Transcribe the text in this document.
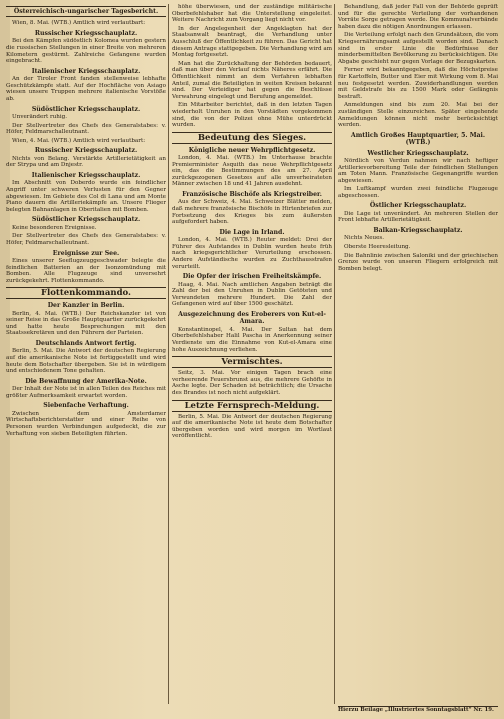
Österreichisch-ungarischer Tagesbericht.

Wien, 8. Mai. (WTB.) Amtlich wird verlautbart:

Russischer Kriegsschauplatz.

Bei den Kämpfen südöstlich Kolomea wurden gestern die russischen Stellungen in einer Breite von mehreren Kilometern gestürmt. Zahlreiche Gefangene wurden eingebracht.

Italienischer Kriegsschauplatz.

An der Tiroler Front fanden stellenweise lebhafte Geschützkämpfe statt. Auf der Hochfläche von Asiago wiesen unsere Truppen mehrere italienische Vorstöße ab.

Südöstlicher Kriegsschauplatz.

Unverändert ruhig.

Der Stellvertreter des Chefs des Generalstabes: v. Höfer, Feldmarschalleutnant.

Wien, 4. Mai. (WTB.) Amtlich wird verlautbart:

Russischer Kriegsschauplatz.

Nichts von Belang. Verstärkte Artillerietätigkeit an der Strypa und am Dnjestr.

Italienischer Kriegsschauplatz.

Im Abschnitt von Doberdo wurde ein feindlicher Angriff unter schweren Verlusten für den Gegner abgewiesen. Im Gebiete des Col di Lana und am Monte Piano dauern die Artilleriekämpfe an. Unsere Flieger belegten Bahnanlagen in Oberitalien mit Bomben.

Südöstlicher Kriegsschauplatz.

Keine besonderen Ereignisse.

Der Stellvertreter des Chefs des Generalstabes: v. Höfer, Feldmarschalleutnant.

Ereignisse zur See.

Eines unserer Seeflugzeuggeschwader belegte die feindlichen Batterien an der Isonzomündung mit Bomben. Alle Flugzeuge sind unversehrt zurückgekehrt. Flottenkommando.

Flottenkommando.
Der Kanzler in Berlin.

Berlin, 4. Mai. (WTB.) Der Reichskanzler ist von seiner Reise in das Große Hauptquartier zurückgekehrt und hatte heute Besprechungen mit den Staatssekretären und den Führern der Parteien.

Deutschlands Antwort fertig.

Berlin, 5. Mai. Die Antwort der deutschen Regierung auf die amerikanische Note ist fertiggestellt und wird heute dem Botschafter übergeben. Sie ist in würdigem und entschiedenem Tone gehalten.

Die Bewaffnung der Amerika-Note.

Der Inhalt der Note ist in allen Teilen des Reiches mit größter Aufmerksamkeit erwartet worden.

Siebenfache Verhaftung.

Zwischen dem Amsterdamer Wirtschaftsberichterstatter und einer Reihe von Personen wurden Verbindungen aufgedeckt, die zur Verhaftung von sieben Beteiligten führten.

höhe überwiesen, und der zuständige militärische Oberbefehlshaber hat die Unterstellung eingeleitet. Weitere Nachricht zum Vorgang liegt nicht vor.

In der Angelegenheit der Angeklagten hat der Staatsanwalt beantragt, die Verhandlung unter Ausschluß der Öffentlichkeit zu führen. Das Gericht hat diesem Antrage stattgegeben. Die Verhandlung wird am Montag fortgesetzt.

Man hat die Zurückhaltung der Behörden bedauert, daß man über den Verlauf nichts Näheres erfährt. Die Öffentlichkeit nimmt an dem Verfahren lebhaften Anteil, zumal die Beteiligten in weiten Kreisen bekannt sind. Der Verteidiger hat gegen die Beschlüsse Verwahrung eingelegt und Berufung angemeldet.

Ein Mitarbeiter berichtet, daß in den letzten Tagen wiederholt Unruhen in den Vorstädten vorgekommen sind, die von der Polizei ohne Mühe unterdrückt wurden.

Bedeutung des Sieges.
Königliche neuer Wehrpflichtgesetz.

London, 4. Mai. (WTB.) Im Unterhause brachte Premierminister Asquith das neue Wehrpflichtgesetz ein, das die Bestimmungen des am 27. April zurückgezogenen Gesetzes auf alle unverheirateten Männer zwischen 18 und 41 Jahren ausdehnt.

Französische Bischöfe als Kriegstreiber.

Aus der Schweiz, 4. Mai. Schweizer Blätter melden, daß mehrere französische Bischöfe in Hirtenbriefen zur Fortsetzung des Krieges bis zum äußersten aufgefordert haben.

Die Lage in Irland.

London, 4. Mai. (WTB.) Reuter meldet: Drei der Führer des Aufstandes in Dublin wurden heute früh nach kriegsgerichtlicher Verurteilung erschossen. Andere Aufständische wurden zu Zuchthausstrafen verurteilt.

Die Opfer der irischen Freiheitskämpfe.

Haag, 4. Mai. Nach amtlichen Angaben beträgt die Zahl der bei den Unruhen in Dublin Getöteten und Verwundeten mehrere Hundert. Die Zahl der Gefangenen wird auf über 1500 geschätzt.

Ausgezeichnung des Eroberers von Kut-el-Amara.

Konstantinopel, 4. Mai. Der Sultan hat dem Oberbefehlshaber Halil Pascha in Anerkennung seiner Verdienste um die Einnahme von Kut-el-Amara eine hohe Auszeichnung verliehen.

Vermischtes.

Seitz, 3. Mai. Vor einigen Tagen brach eine verheerende Feuersbrunst aus, die mehrere Gehöfte in Asche legte. Der Schaden ist beträchtlich; die Ursache des Brandes ist noch nicht aufgeklärt.

Letzte Fernsprech-Meldung.

Berlin, 5. Mai. Die Antwort der deutschen Regierung auf die amerikanische Note ist heute dem Botschafter übergeben worden und wird morgen im Wortlaut veröffentlicht.

Behandlung, daß jeder Fall von der Behörde geprüft und für die gerechte Verteilung der vorhandenen Vorräte Sorge getragen werde. Die Kommunalverbände haben dazu die nötigen Anordnungen erlassen.

Die Verteilung erfolgt nach den Grundsätzen, die vom Kriegsernährungsamt aufgestellt worden sind. Danach sind in erster Linie die Bedürfnisse der minderbemittelten Bevölkerung zu berücksichtigen. Die Abgabe geschieht nur gegen Vorlage der Bezugskarten.

Ferner wird bekanntgegeben, daß die Höchstpreise für Kartoffeln, Butter und Eier mit Wirkung vom 8. Mai neu festgesetzt werden. Zuwiderhandlungen werden mit Geldstrafe bis zu 1500 Mark oder Gefängnis bestraft.

Anmeldungen sind bis zum 20. Mai bei der zuständigen Stelle einzureichen. Später eingehende Anmeldungen können nicht mehr berücksichtigt werden.

Amtlich Großes Hauptquartier, 5. Mai. (WTB.)
Westlicher Kriegsschauplatz.

Nördlich von Verdun nahmen wir nach heftiger Artillerievorbereitung Teile der feindlichen Stellungen am Toten Mann. Französische Gegenangriffe wurden abgewiesen.

Im Luftkampf wurden zwei feindliche Flugzeuge abgeschossen.

Östlicher Kriegsschauplatz.

Die Lage ist unverändert. An mehreren Stellen der Front lebhafte Artillerietätigkeit.

Balkan-Kriegsschauplatz.

Nichts Neues.

Oberste Heeresleitung.

Die Bahnlinie zwischen Saloniki und der griechischen Grenze wurde von unseren Fliegern erfolgreich mit Bomben belegt.

Hierzu Beilage „Illustriertes Sonntagsblatt“ Nr. 19.
